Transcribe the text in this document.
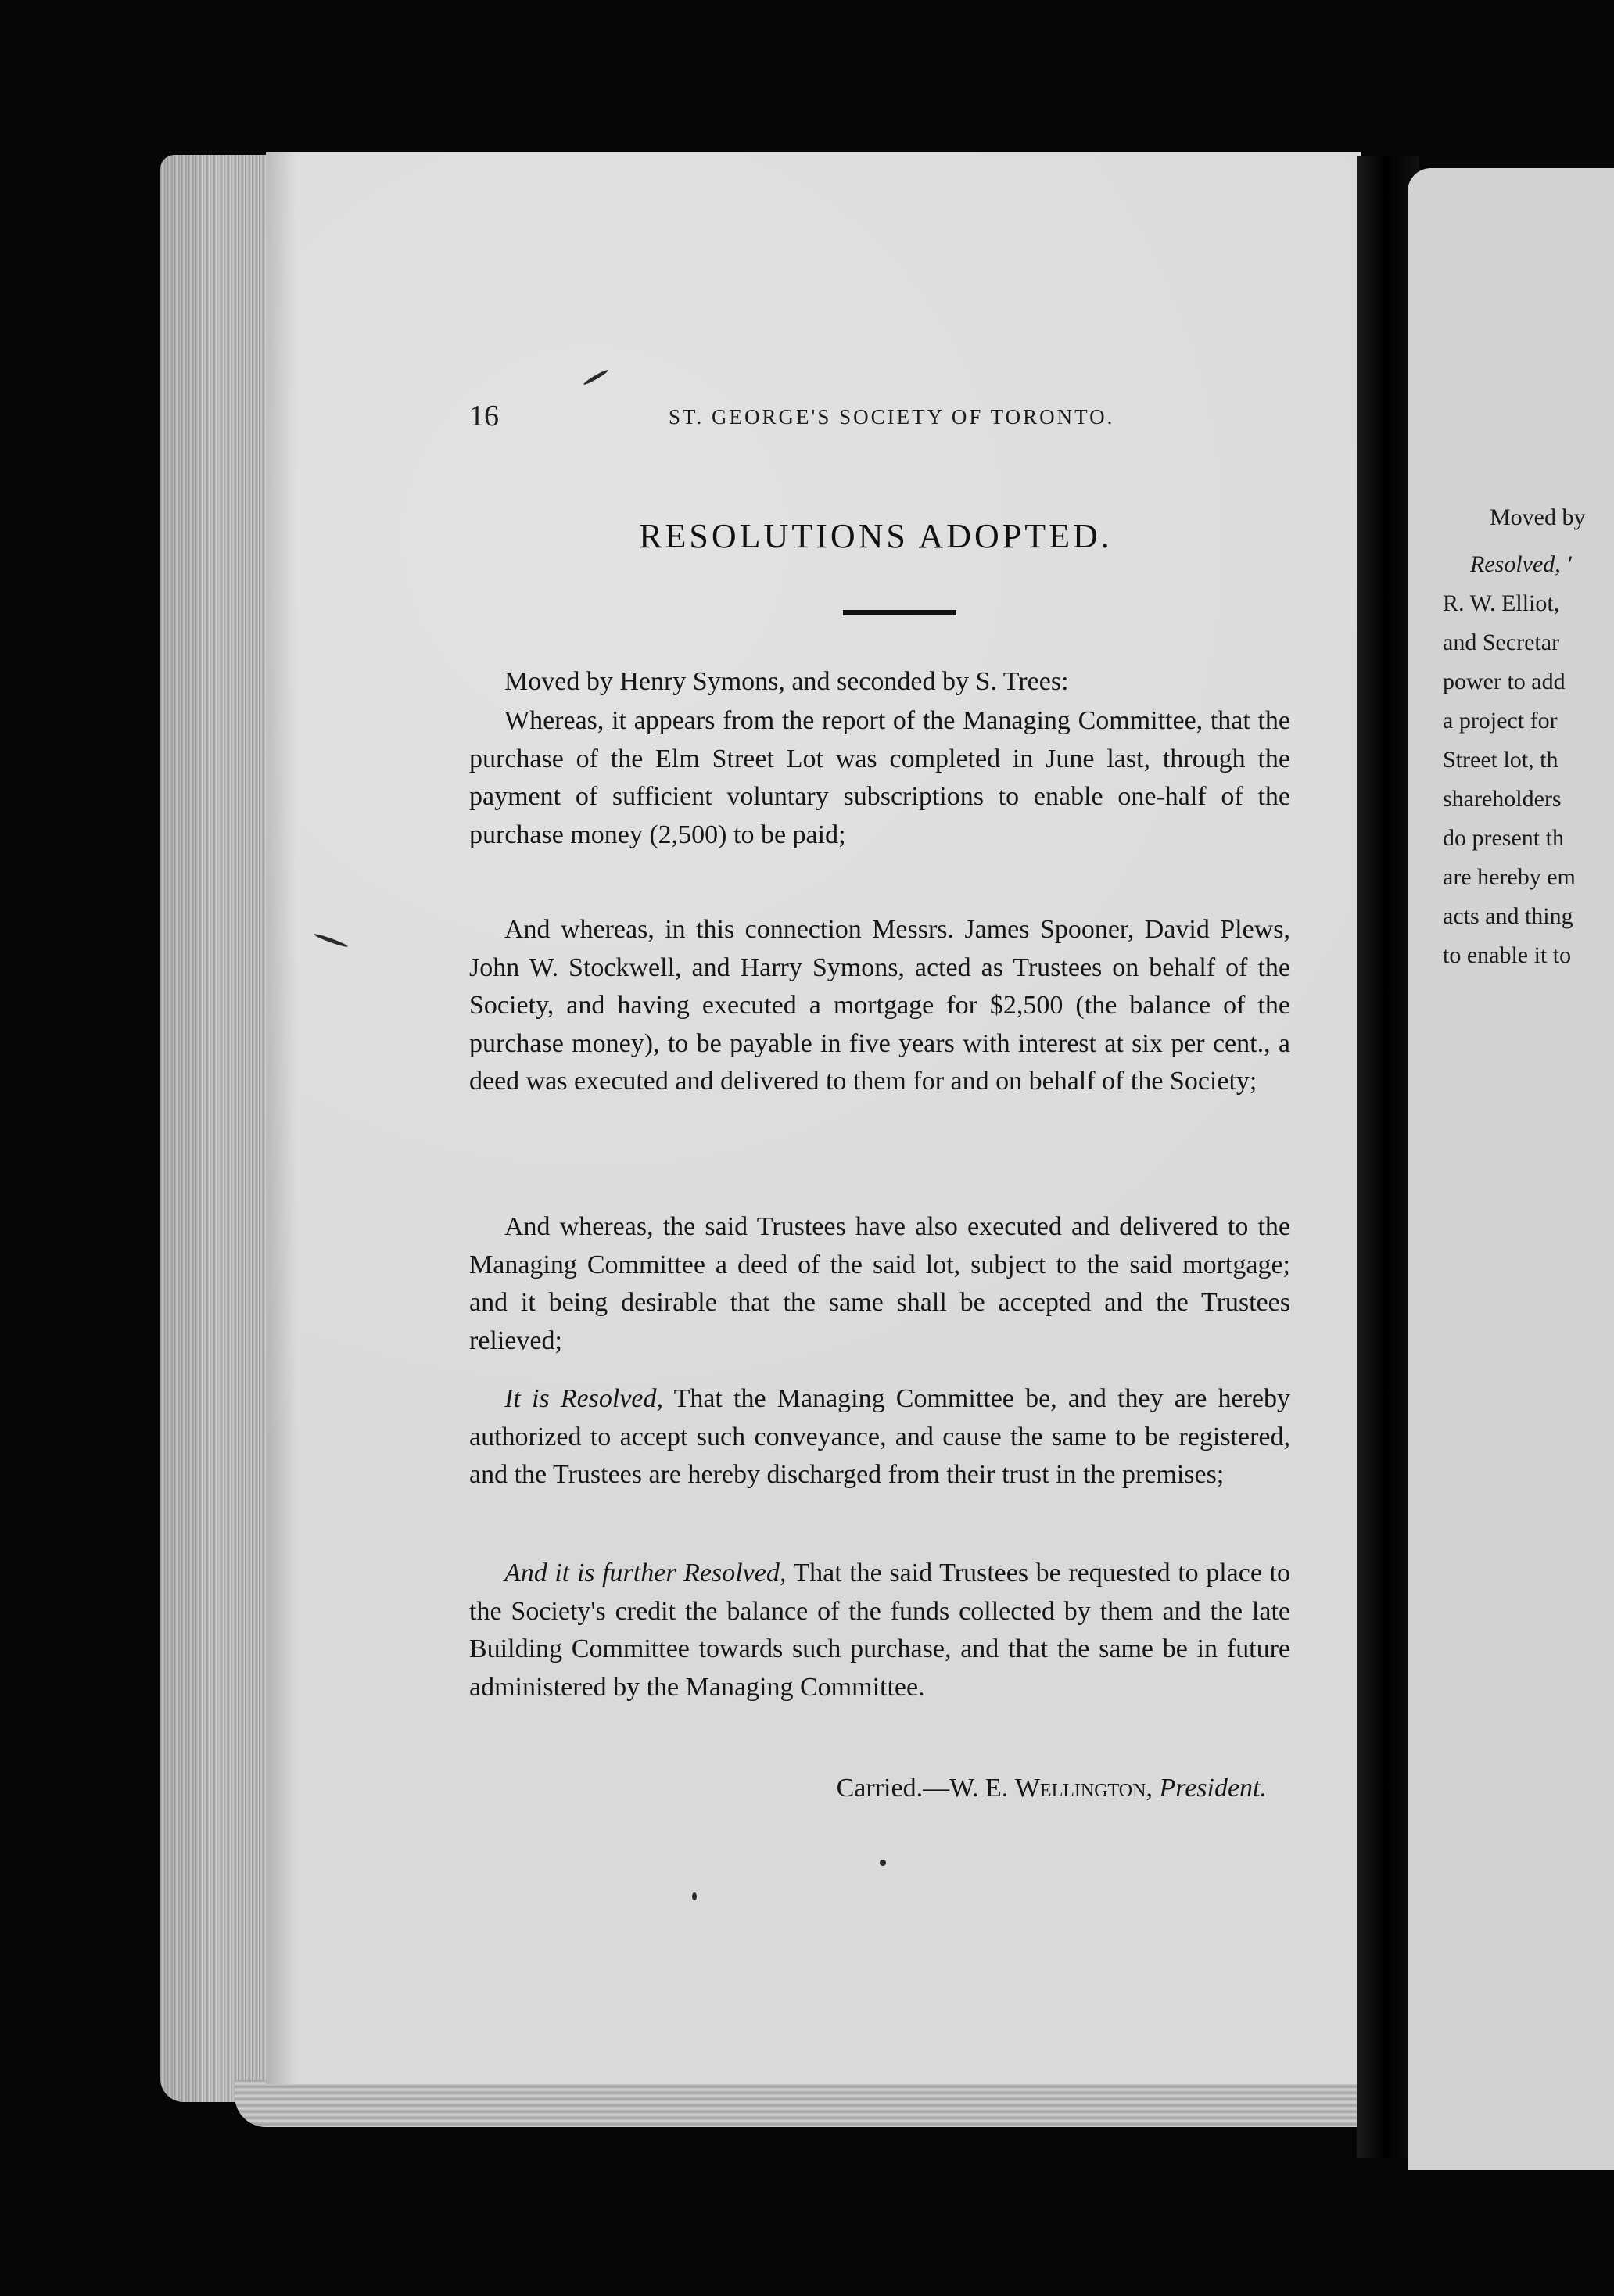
Moved by
Resolved, '
R. W. Elliot,
and Secretar
power to add
a project for
Street lot, th
shareholders
do present th
are hereby em
acts and thing
to enable it to
16	ST. GEORGE'S SOCIETY OF TORONTO.
RESOLUTIONS ADOPTED.

Moved by Henry Symons, and seconded by S. Trees:

Whereas, it appears from the report of the Managing Committee, that the purchase of the Elm Street Lot was completed in June last, through the payment of sufficient voluntary subscriptions to enable one-half of the purchase money (2,500) to be paid;

And whereas, in this connection Messrs. James Spooner, David Plews, John W. Stockwell, and Harry Symons, acted as Trustees on behalf of the Society, and having executed a mortgage for $2,500 (the balance of the purchase money), to be payable in five years with interest at six per cent., a deed was executed and delivered to them for and on behalf of the Society;

And whereas, the said Trustees have also executed and delivered to the Managing Committee a deed of the said lot, subject to the said mortgage; and it being desirable that the same shall be accepted and the Trustees relieved;

It is Resolved, That the Managing Committee be, and they are hereby authorized to accept such conveyance, and cause the same to be registered, and the Trustees are hereby discharged from their trust in the premises;

And it is further Resolved, That the said Trustees be requested to place to the Society's credit the balance of the funds collected by them and the late Building Committee towards such purchase, and that the same be in future administered by the Managing Committee.

Carried.—W. E. Wellington, President.
